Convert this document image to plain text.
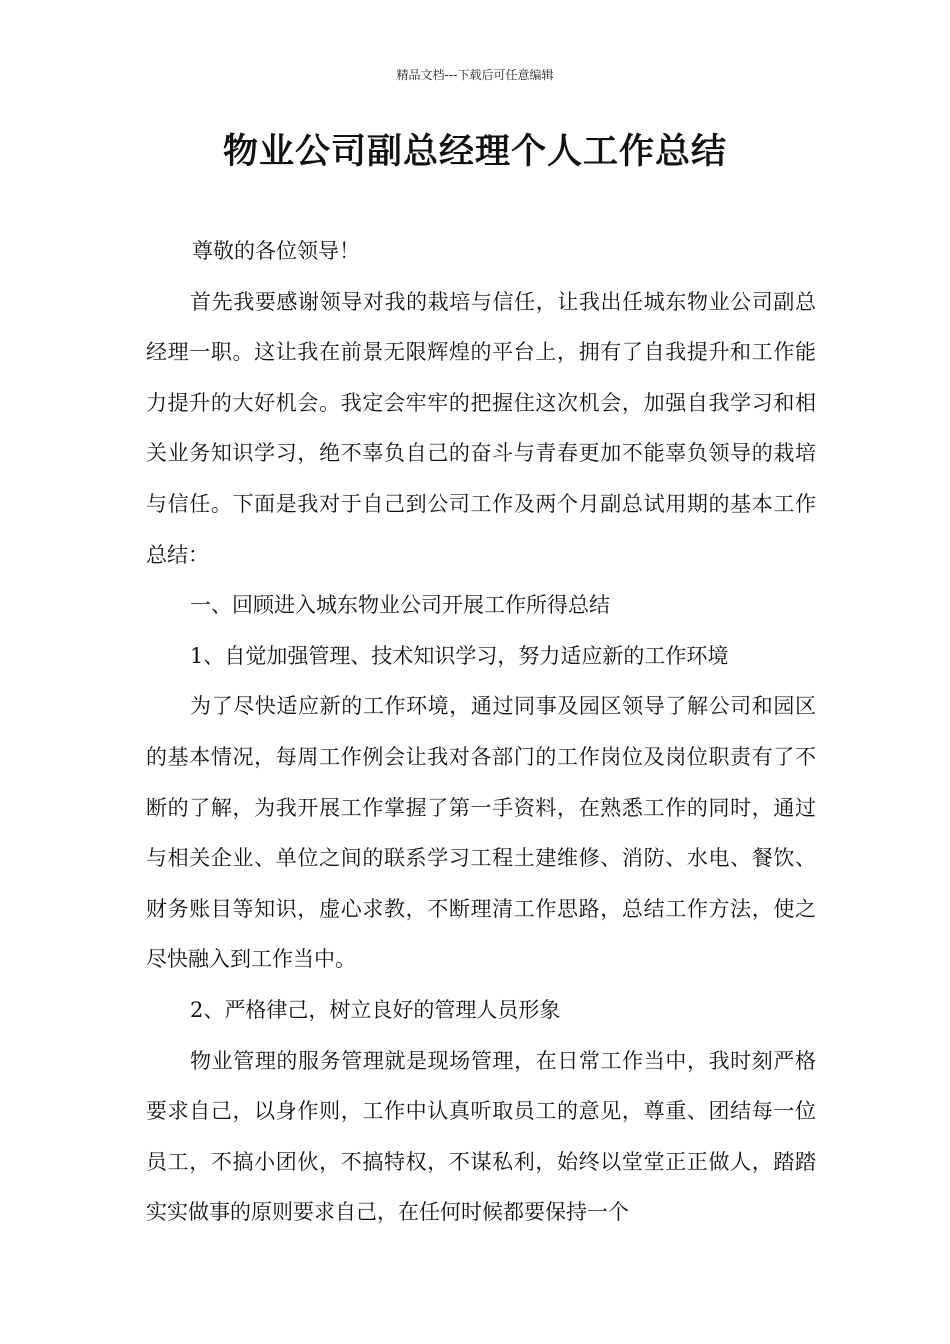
精品文档---下载后可任意编辑
物业公司副总经理个人工作总结

尊敬的各位领导！

首先我要感谢领导对我的栽培与信任，让我出任城东物业公司副总经理一职。这让我在前景无限辉煌的平台上，拥有了自我提升和工作能力提升的大好机会。我定会牢牢的把握住这次机会，加强自我学习和相关业务知识学习，绝不辜负自己的奋斗与青春更加不能辜负领导的栽培与信任。下面是我对于自己到公司工作及两个月副总试用期的基本工作总结：

一、回顾进入城东物业公司开展工作所得总结

1、自觉加强管理、技术知识学习，努力适应新的工作环境

为了尽快适应新的工作环境，通过同事及园区领导了解公司和园区的基本情况，每周工作例会让我对各部门的工作岗位及岗位职责有了不断的了解，为我开展工作掌握了第一手资料，在熟悉工作的同时，通过与相关企业、单位之间的联系学习工程土建维修、消防、水电、餐饮、财务账目等知识，虚心求教，不断理清工作思路，总结工作方法，使之尽快融入到工作当中。

2、严格律己，树立良好的管理人员形象

物业管理的服务管理就是现场管理，在日常工作当中，我时刻严格要求自己，以身作则，工作中认真听取员工的意见，尊重、团结每一位员工，不搞小团伙，不搞特权，不谋私利，始终以堂堂正正做人，踏踏实实做事的原则要求自己，在任何时候都要保持一个
